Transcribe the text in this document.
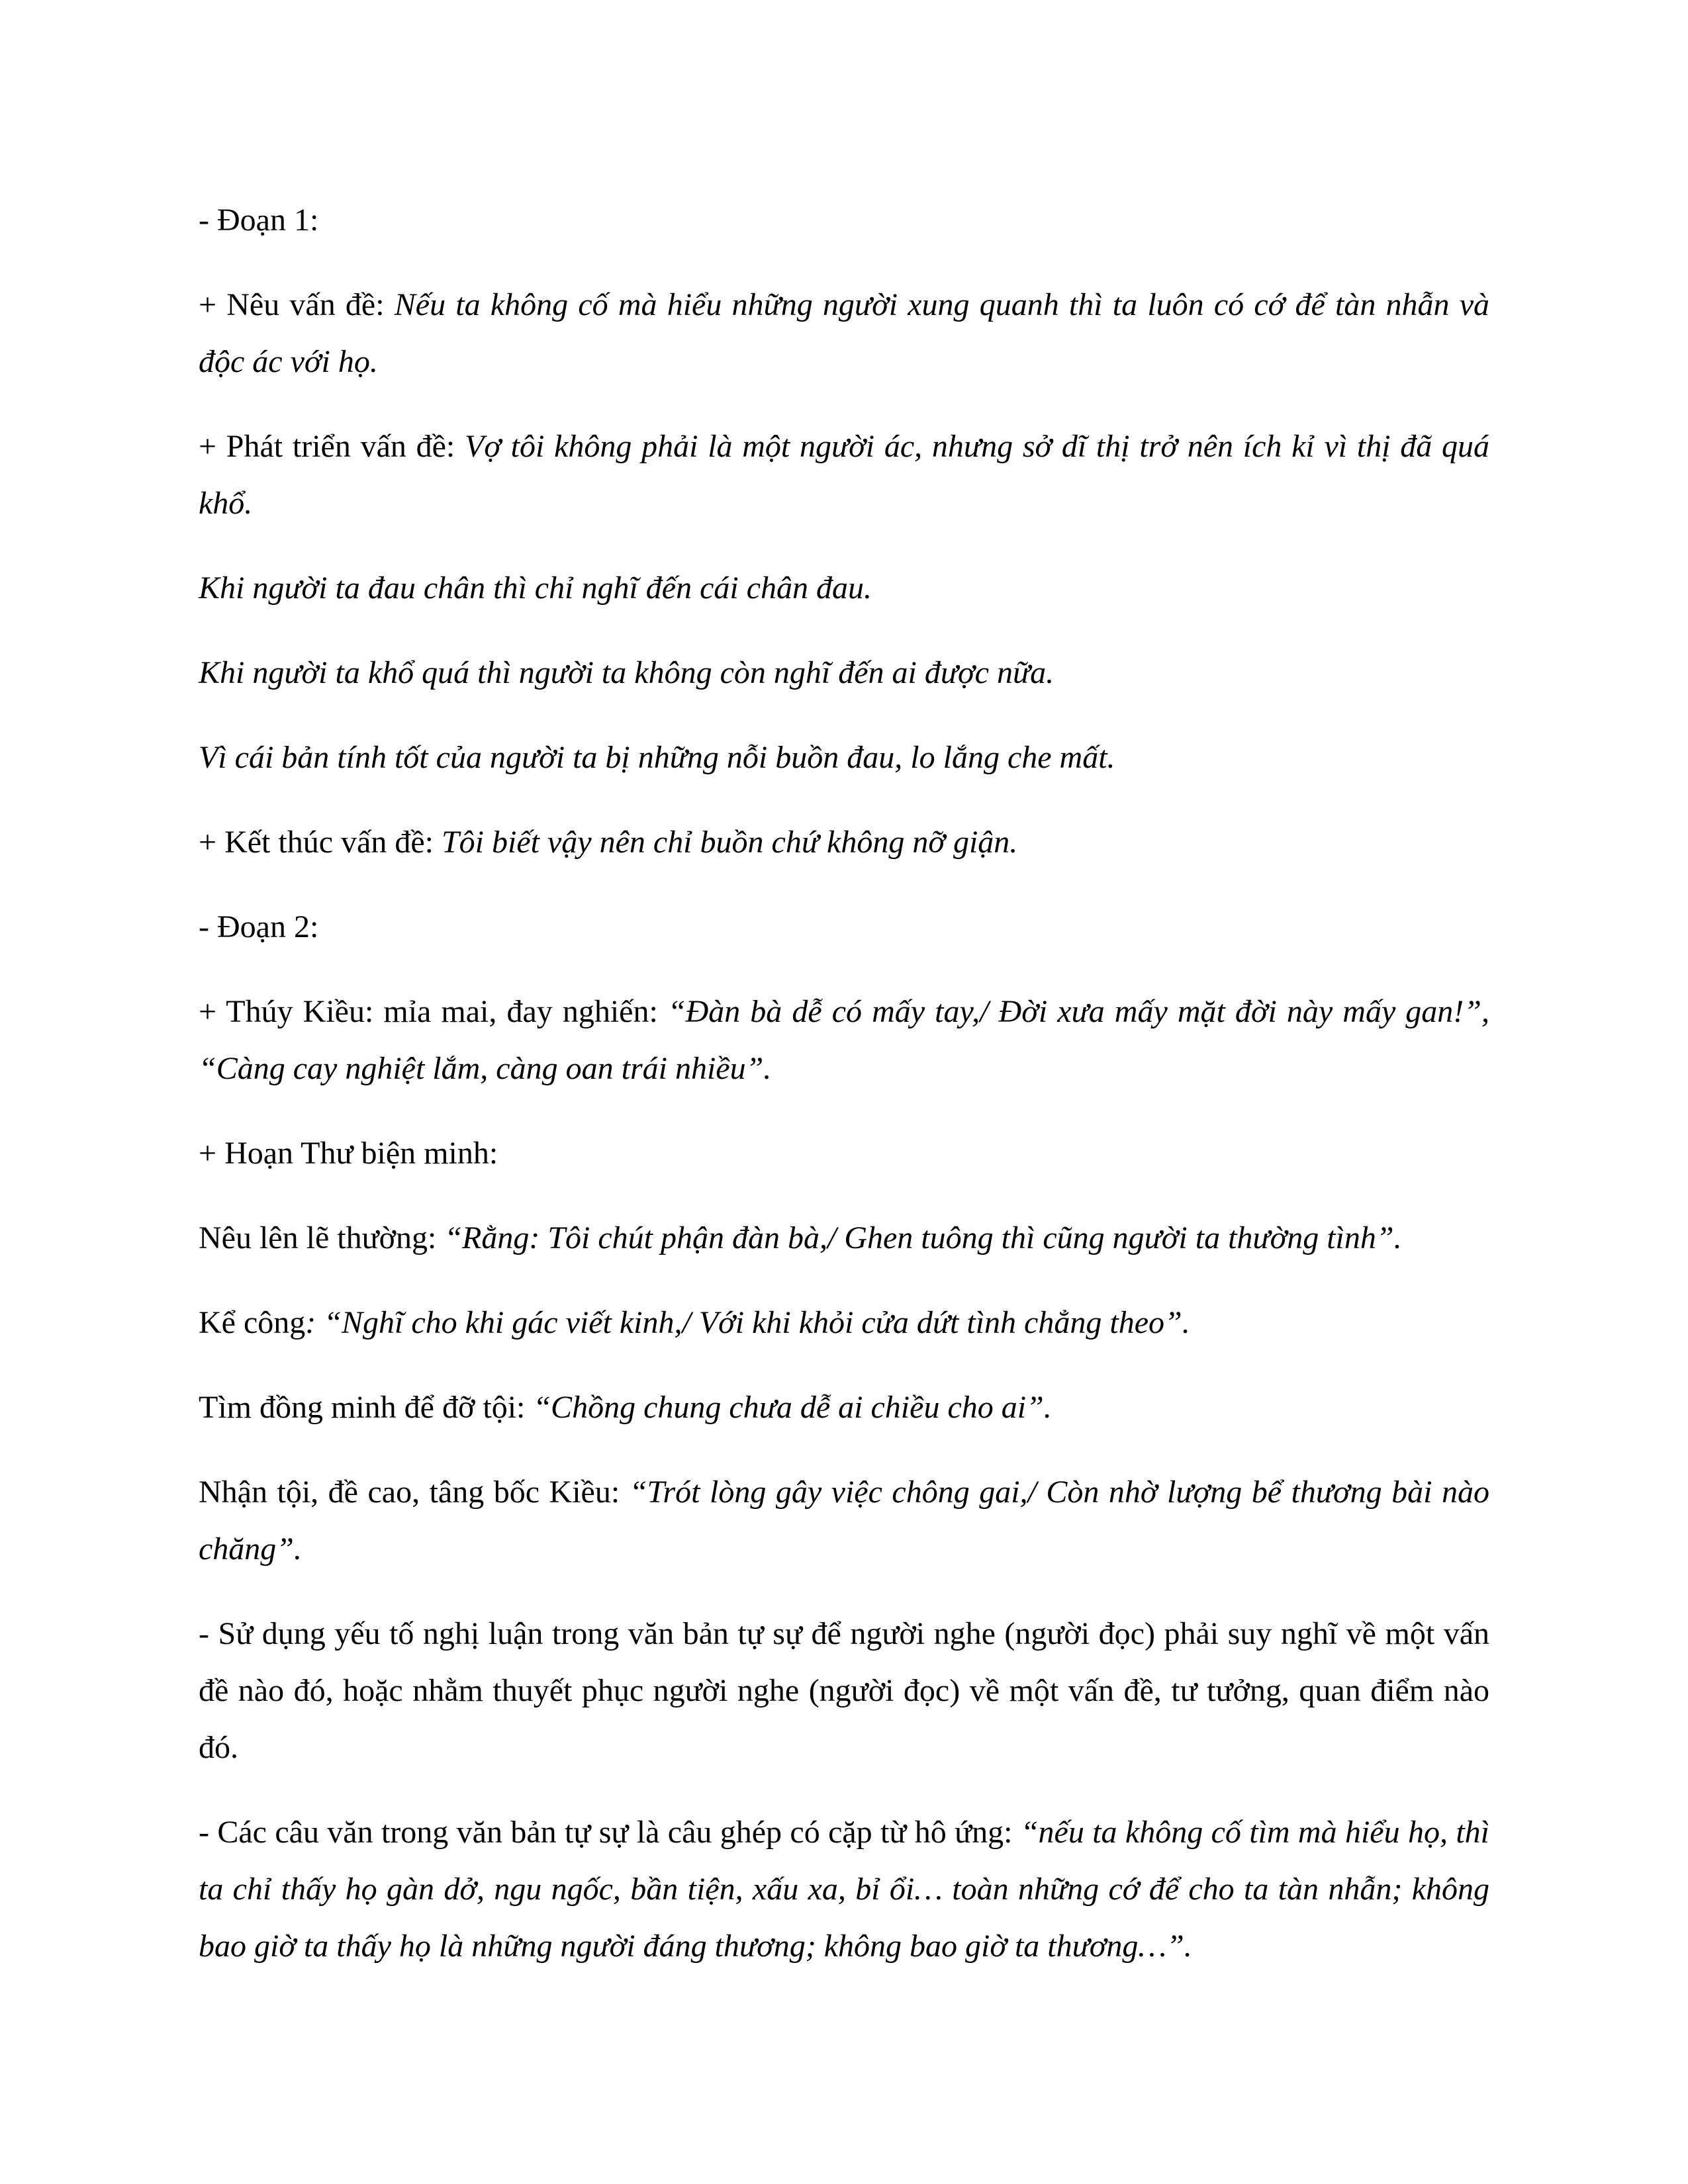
- Đoạn 1:

+ Nêu vấn đề: Nếu ta không cố mà hiểu những người xung quanh thì ta luôn có cớ để tàn nhẫn và độc ác với họ.

+ Phát triển vấn đề: Vợ tôi không phải là một người ác, nhưng sở dĩ thị trở nên ích kỉ vì thị đã quá khổ.

Khi người ta đau chân thì chỉ nghĩ đến cái chân đau.

Khi người ta khổ quá thì người ta không còn nghĩ đến ai được nữa.

Vì cái bản tính tốt của người ta bị những nỗi buồn đau, lo lắng che mất.

+ Kết thúc vấn đề: Tôi biết vậy nên chỉ buồn chứ không nỡ giận.

- Đoạn 2:

+ Thúy Kiều: mỉa mai, đay nghiến: “Đàn bà dễ có mấy tay,/ Đời xưa mấy mặt đời này mấy gan!”, “Càng cay nghiệt lắm, càng oan trái nhiều”.

+ Hoạn Thư biện minh:

Nêu lên lẽ thường: “Rằng: Tôi chút phận đàn bà,/ Ghen tuông thì cũng người ta thường tình”.

Kể công: “Nghĩ cho khi gác viết kinh,/ Với khi khỏi cửa dứt tình chẳng theo”.

Tìm đồng minh để đỡ tội: “Chồng chung chưa dễ ai chiều cho ai”.

Nhận tội, đề cao, tâng bốc Kiều: “Trót lòng gây việc chông gai,/ Còn nhờ lượng bể thương bài nào chăng”.

- Sử dụng yếu tố nghị luận trong văn bản tự sự để người nghe (người đọc) phải suy nghĩ về một vấn đề nào đó, hoặc nhằm thuyết phục người nghe (người đọc) về một vấn đề, tư tưởng, quan điểm nào đó.

- Các câu văn trong văn bản tự sự là câu ghép có cặp từ hô ứng: “nếu ta không cố tìm mà hiểu họ, thì ta chỉ thấy họ gàn dở, ngu ngốc, bần tiện, xấu xa, bỉ ổi… toàn những cớ để cho ta tàn nhẫn; không bao giờ ta thấy họ là những người đáng thương; không bao giờ ta thương…”.
